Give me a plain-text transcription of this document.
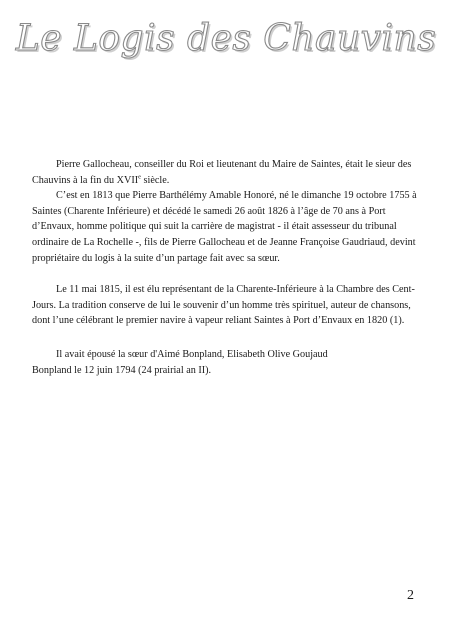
Le Logis des Chauvins

Pierre Gallocheau, conseiller du Roi et lieutenant du Maire de Saintes, était le sieur des Chauvins à la fin du XVIIe siècle.

C’est en 1813 que Pierre Barthélémy Amable Honoré, né le dimanche 19 octobre 1755 à Saintes (Charente Inférieure) et décédé le samedi 26 août 1826 à l’âge de 70 ans à Port d’Envaux, homme politique qui suit la carrière de magistrat - il était assesseur du tribunal ordinaire de La Rochelle -, fils de Pierre Gallocheau et de Jeanne Françoise Gaudriaud, devint propriétaire du logis à la suite d’un partage fait avec sa sœur.

Le 11 mai 1815, il est élu représentant de la Charente-Inférieure à la Chambre des Cent-Jours. La tradition conserve de lui le souvenir d’un homme très spirituel, auteur de chansons, dont l’une célébrant le premier navire à vapeur reliant Saintes à Port d’Envaux en 1820 (1).

Il avait épousé la sœur d'Aimé Bonpland, Elisabeth Olive Goujaud Bonpland le 12 juin 1794 (24 prairial an II).

2
